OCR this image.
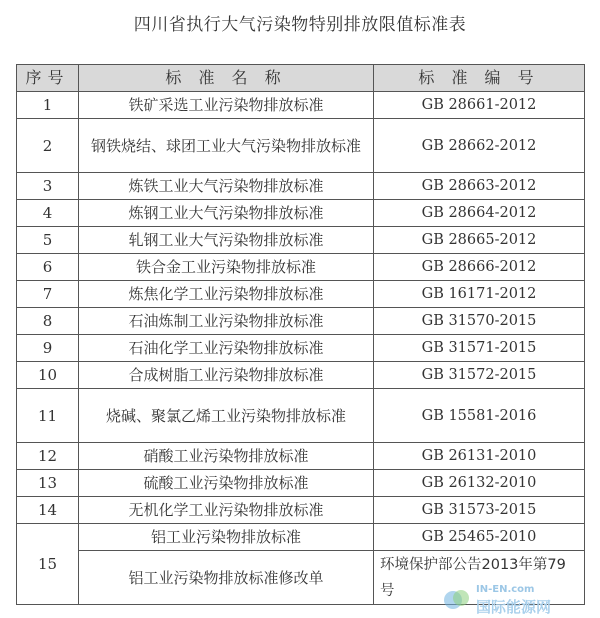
四川省执行大气污染物特别排放限值标准表
序号	标 准 名 称	标 准 编 号
1	铁矿采选工业污染物排放标准	GB 28661-2012
2	钢铁烧结、球团工业大气污染物排放标准	GB 28662-2012
3	炼铁工业大气污染物排放标准	GB 28663-2012
4	炼钢工业大气污染物排放标准	GB 28664-2012
5	轧钢工业大气污染物排放标准	GB 28665-2012
6	铁合金工业污染物排放标准	GB 28666-2012
7	炼焦化学工业污染物排放标准	GB 16171-2012
8	石油炼制工业污染物排放标准	GB 31570-2015
9	石油化学工业污染物排放标准	GB 31571-2015
10	合成树脂工业污染物排放标准	GB 31572-2015
11	烧碱、聚氯乙烯工业污染物排放标准	GB 15581-2016
12	硝酸工业污染物排放标准	GB 26131-2010
13	硫酸工业污染物排放标准	GB 26132-2010
14	无机化学工业污染物排放标准	GB 31573-2015
15	铝工业污染物排放标准	GB 25465-2010
	铝工业污染物排放标准修改单	环境保护部公告2013年第79号	IN-EN.com
国际能源网
